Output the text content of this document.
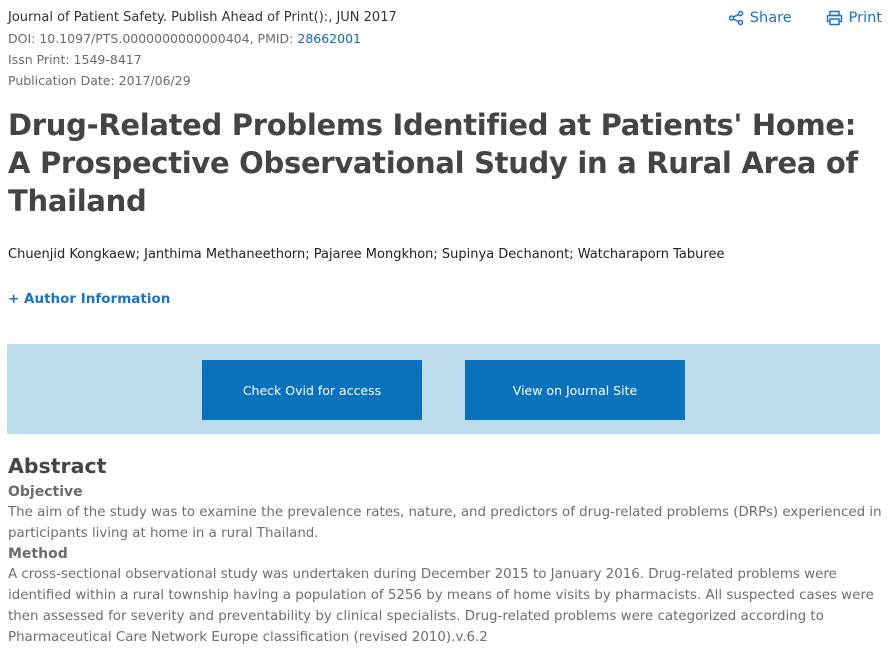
Journal of Patient Safety. Publish Ahead of Print():, JUN 2017
DOI: 10.1097/PTS.0000000000000404, PMID: 28662001
Issn Print: 1549-8417
Publication Date: 2017/06/29
Share	Print
Drug-Related Problems Identified at Patients' Home: A Prospective Observational Study in a Rural Area of Thailand
Chuenjid Kongkaew; Janthima Methaneethorn; Pajaree Mongkhon; Supinya Dechanont; Watcharaporn Taburee
+ Author Information
Check Ovid for access	View on Journal Site
Abstract
Objective

The aim of the study was to examine the prevalence rates, nature, and predictors of drug-related problems (DRPs) experienced in participants living at home in a rural Thailand.

Method

A cross-sectional observational study was undertaken during December 2015 to January 2016. Drug-related problems were identified within a rural township having a population of 5256 by means of home visits by pharmacists. All suspected cases were then assessed for severity and preventability by clinical specialists. Drug-related problems were categorized according to Pharmaceutical Care Network Europe classification (revised 2010).v.6.2
